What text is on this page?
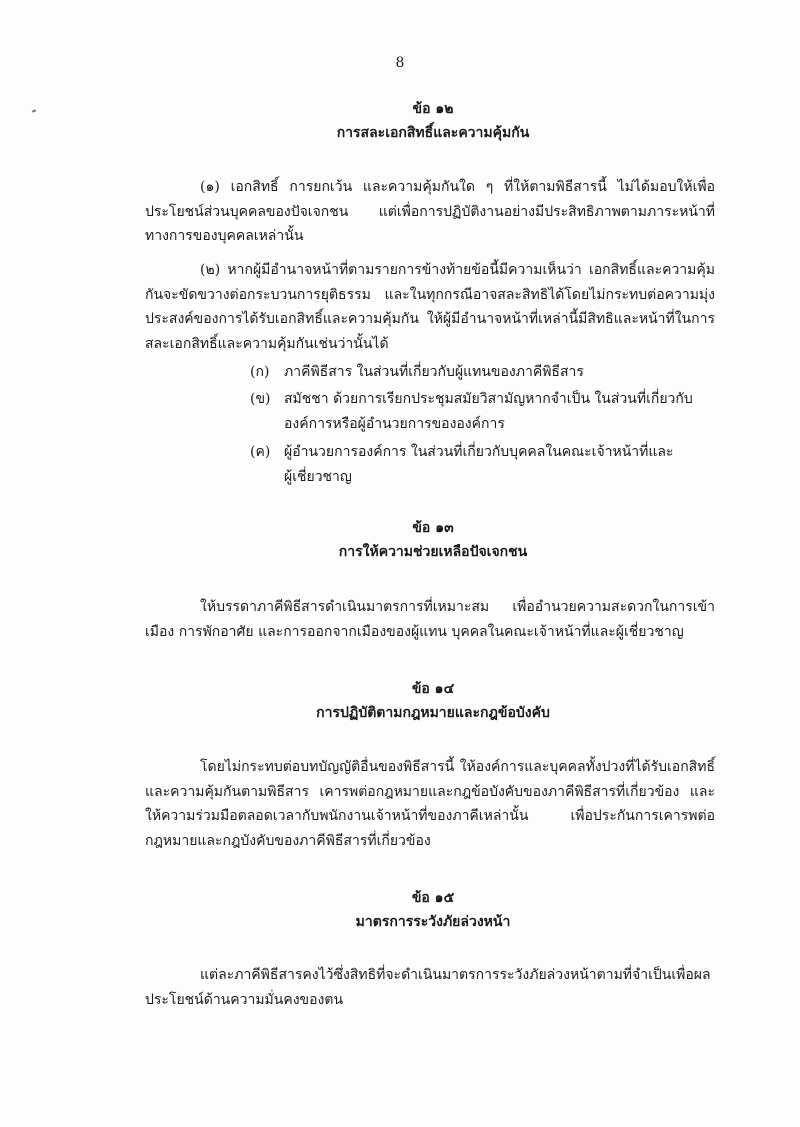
8
ข้อ ๑๒
การสละเอกสิทธิ์และความคุ้มกัน
(๑) เอกสิทธิ์ การยกเว้น และความคุ้มกันใด ๆ ที่ให้ตามพิธีสารนี้ ไม่ได้มอบให้เพื่อประโยชน์ส่วนบุคคลของปัจเจกชน แต่เพื่อการปฏิบัติงานอย่างมีประสิทธิภาพตามภาระหน้าที่ทางการของบุคคลเหล่านั้น
(๒) หากผู้มีอำนาจหน้าที่ตามรายการข้างท้ายข้อนี้มีความเห็นว่า เอกสิทธิ์และความคุ้มกันจะขัดขวางต่อกระบวนการยุติธรรม และในทุกกรณีอาจสละสิทธิได้โดยไม่กระทบต่อความมุ่งประสงค์ของการได้รับเอกสิทธิ์และความคุ้มกัน ให้ผู้มีอำนาจหน้าที่เหล่านี้มีสิทธิและหน้าที่ในการสละเอกสิทธิ์และความคุ้มกันเช่นว่านั้นได้
(ก) ภาคีพิธีสาร ในส่วนที่เกี่ยวกับผู้แทนของภาคีพิธีสาร
(ข) สมัชชา ด้วยการเรียกประชุมสมัยวิสามัญหากจำเป็น ในส่วนที่เกี่ยวกับ
องค์การหรือผู้อำนวยการขององค์การ
(ค) ผู้อำนวยการองค์การ ในส่วนที่เกี่ยวกับบุคคลในคณะเจ้าหน้าที่และ
ผู้เชี่ยวชาญ
ข้อ ๑๓
การให้ความช่วยเหลือปัจเจกชน
ให้บรรดาภาคีพิธีสารดำเนินมาตรการที่เหมาะสม เพื่ออำนวยความสะดวกในการเข้าเมือง การพักอาศัย และการออกจากเมืองของผู้แทน บุคคลในคณะเจ้าหน้าที่และผู้เชี่ยวชาญ
ข้อ ๑๔
การปฏิบัติตามกฎหมายและกฎข้อบังคับ
โดยไม่กระทบต่อบทบัญญัติอื่นของพิธีสารนี้ ให้องค์การและบุคคลทั้งปวงที่ได้รับเอกสิทธิ์และความคุ้มกันตามพิธีสาร เคารพต่อกฎหมายและกฎข้อบังคับของภาคีพิธีสารที่เกี่ยวข้อง และให้ความร่วมมือตลอดเวลากับพนักงานเจ้าหน้าที่ของภาคีเหล่านั้น เพื่อประกันการเคารพต่อกฎหมายและกฎบังคับของภาคีพิธีสารที่เกี่ยวข้อง
ข้อ ๑๕
มาตรการระวังภัยล่วงหน้า
แต่ละภาคีพิธีสารคงไว้ซึ่งสิทธิที่จะดำเนินมาตรการระวังภัยล่วงหน้าตามที่จำเป็นเพื่อผลประโยชน์ด้านความมั่นคงของตน
